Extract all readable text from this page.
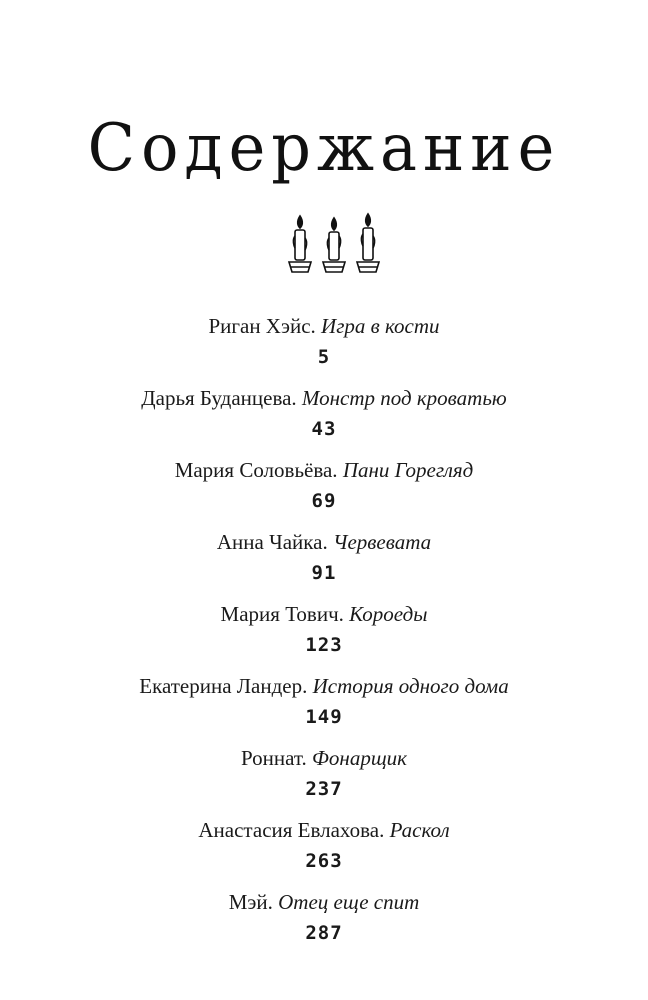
Содержание
Риган Хэйс. Игра в кости
5
Дарья Буданцева. Монстр под кроватью
43
Мария Соловьёва. Пани Горегляд
69
Анна Чайка. Червевата
91
Мария Тович. Короеды
123
Екатерина Ландер. История одного дома
149
Роннат. Фонарщик
237
Анастасия Евлахова. Раскол
263
Мэй. Отец еще спит
287
